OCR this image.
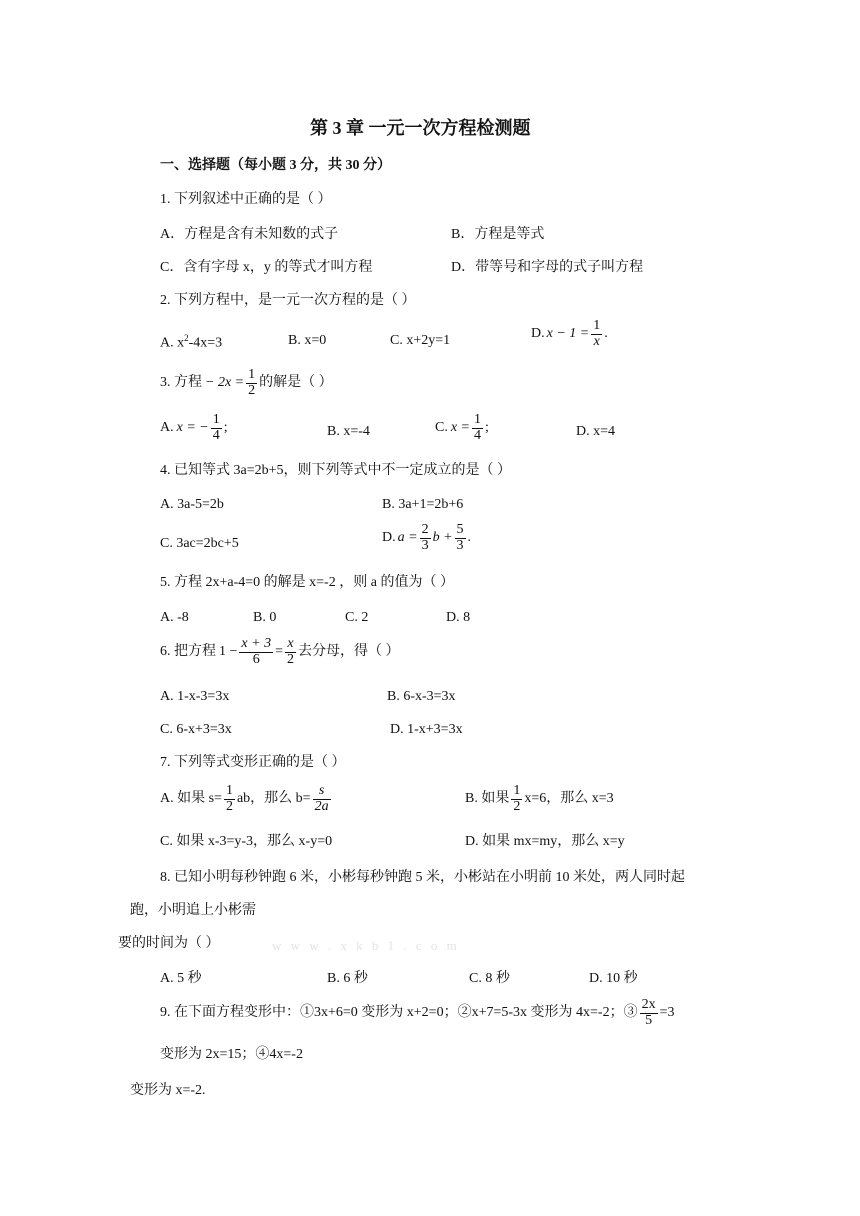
第 3 章 一元一次方程检测题
一、选择题（每小题 3 分，共 30 分）
1. 下列叙述中正确的是（ ）
A．方程是含有未知数的式子	B．方程是等式
C．含有字母 x，y 的等式才叫方程	D．带等号和字母的式子叫方程
2. 下列方程中，是一元一次方程的是（ ）
A. $x^2-4x=3$	B. x=0	C. x+2y=1	D. $x - 1 = \frac{1}{x}$ .
3. 方程 − $2x = \frac{1}{2}$ 的解是（ ）
A. x = − $\frac{1}{4}$ ;	B. x=-4	C. $x = \frac{1}{4}$ ;	D. x=4
4. 已知等式 3a=2b+5，则下列等式中不一定成立的是（ ）
A. 3a-5=2b	B. 3a+1=2b+6
C. 3ac=2bc+5	D. $a = \frac{2}{3}$ $b + \frac{5}{3}$ .
5. 方程 2x+a-4=0 的解是 x=-2 ，则 a 的值为（ ）
A. -8	B. 0	C. 2	D. 8
6. 把方程 $1 - \frac{x + 3}{6} = \frac{x}{2}$ 去分母，得（ ）
A. 1-x-3=3x	B. 6-x-3=3x
C. 6-x+3=3x	D. 1-x+3=3x
7. 下列等式变形正确的是（ ）
A. 如果 $s= \frac{1}{2}$ ab，那么 $b= \frac{s}{2a}$	B. 如果 $\frac{1}{2} x=6$，那么 x=3
C. 如果 x-3=y-3，那么 x-y=0	D. 如果 mx=my，那么 x=y
8. 已知小明每秒钟跑 6 米，小彬每秒钟跑 5 米，小彬站在小明前 10 米处，两人同时起
跑，小明追上小彬需
要的时间为（ ）	w w w . x k b 1 . c o m
A. 5 秒	B. 6 秒	C. 8 秒	D. 10 秒
9. 在下面方程变形中：①3x+6=0 变形为 x+2=0；②x+7=5-3x 变形为 4x=-2；③ $\frac{2x}{5} =3$
变形为 2x=15；④4x=-2
变形为 x=-2.
